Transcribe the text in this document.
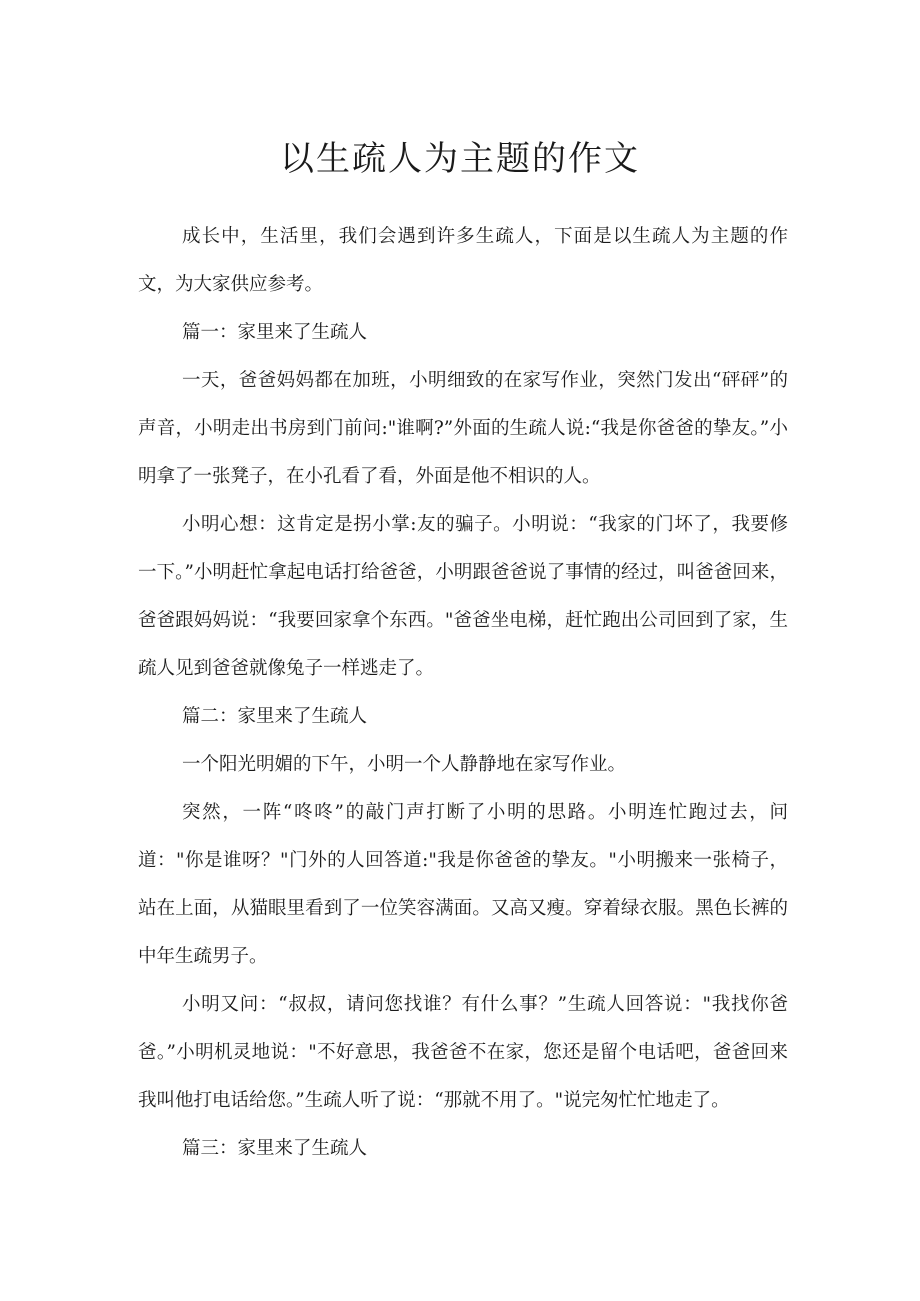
以生疏人为主题的作文

成长中，生活里，我们会遇到许多生疏人，下面是以生疏人为主题的作文，为大家供应参考。

篇一：家里来了生疏人

一天，爸爸妈妈都在加班，小明细致的在家写作业，突然门发出“砰砰”的声音，小明走出书房到门前问:"谁啊?”外面的生疏人说:“我是你爸爸的挚友。”小明拿了一张凳子，在小孔看了看，外面是他不相识的人。

小明心想：这肯定是拐小掌:友的骗子。小明说：“我家的门坏了，我要修一下。”小明赶忙拿起电话打给爸爸，小明跟爸爸说了事情的经过，叫爸爸回来，爸爸跟妈妈说：“我要回家拿个东西。"爸爸坐电梯，赶忙跑出公司回到了家，生疏人见到爸爸就像兔子一样逃走了。

篇二：家里来了生疏人

一个阳光明媚的下午，小明一个人静静地在家写作业。

突然，一阵“咚咚”的敲门声打断了小明的思路。小明连忙跑过去，问道："你是谁呀？"门外的人回答道:"我是你爸爸的挚友。"小明搬来一张椅子，站在上面，从猫眼里看到了一位笑容满面。又高又瘦。穿着绿衣服。黑色长裤的中年生疏男子。

小明又问：“叔叔，请问您找谁？有什么事？”生疏人回答说："我找你爸爸。”小明机灵地说："不好意思，我爸爸不在家，您还是留个电话吧，爸爸回来我叫他打电话给您。”生疏人听了说：“那就不用了。"说完匆忙忙地走了。

篇三：家里来了生疏人
